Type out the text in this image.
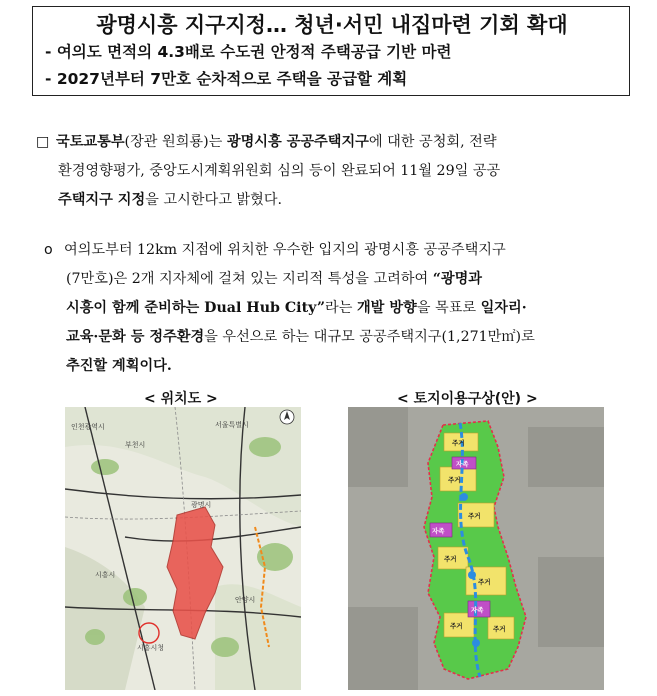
광명시흥 지구지정… 청년·서민 내집마련 기회 확대
- 여의도 면적의 4.3배로 수도권 안정적 주택공급 기반 마련
- 2027년부터 7만호 순차적으로 주택을 공급할 계획
□ 국토교통부(장관 원희룡)는 광명시흥 공공주택지구에 대한 공청회, 전략
환경영향평가, 중앙도시계획위원회 심의 등이 완료되어 11월 29일 공공
주택지구 지정을 고시한다고 밝혔다.
o 여의도부터 12km 지점에 위치한 우수한 입지의 광명시흥 공공주택지구
(7만호)은 2개 지자체에 걸쳐 있는 지리적 특성을 고려하여 “광명과
시흥이 함께 준비하는 Dual Hub City”라는 개발 방향을 목표로 일자리·
교육·문화 등 정주환경을 우선으로 하는 대규모 공공주택지구(1,271만㎡)로
추진할 계획이다.
< 위치도 >	< 토지이용구상(안) >
광명시
시흥시
부천시
안양시
시흥시청
인천광역시	서울특별시
주거
자족
주거
주거
주거
자족
주거
자족
주거	주거
